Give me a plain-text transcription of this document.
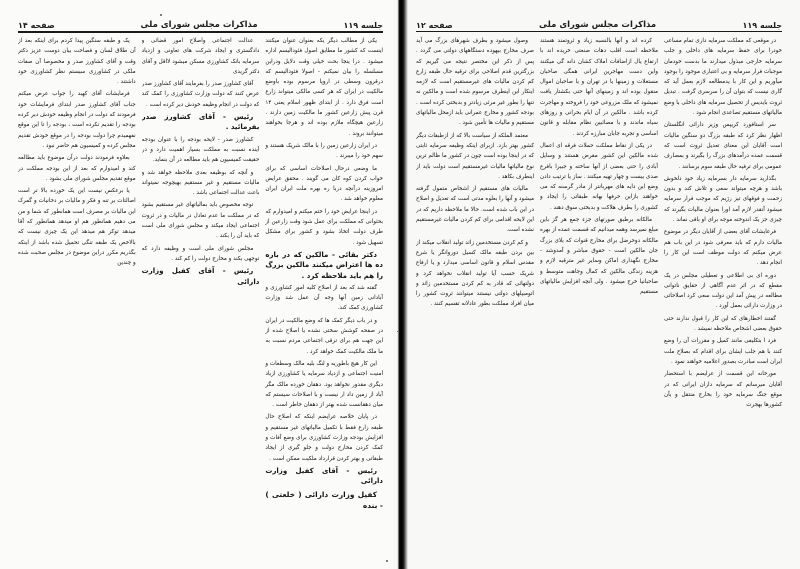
جلسه ۱۱۹
مذاکرات مجلس شورای ملی
صفحه ۱۴

یکی از مطالب دیگر یکه بعنوان عنوان میکنند اینست که کشور ما مطابق اصول فئودالیسم اداره میشود . درا ینجا بحث خیلی وقت دلایل ودراین مسلسله را بیان نمیکنم - اصولا فئودالیسم که درقرون وسطی در اروپا مرسوم بوده باوضع مالکیت در ایران که هر کسی مالکی میتواند زارع است فرق دارد . از ابتدای ظهور اسلام یعنی ۱۴ قرن پیش زارعین کشور ما مالکیت زمین دارند . زارعین هیچگاه ملازم بوده اند و هرجا بخواهند میتوانند بروند .

در ایران زارعین زمین را با مالک شریک هستند و سهم خود را میبرند .

ما وضعی درحال اصلاحات اساسی که برای خواب کردن کوه کان می گویند . محقق عرایض امروزینه درآنچه دربا ره بهره ملت ایران ایران معلوم خواهد شد .

در اینجا عرایض خود را ختم میکنم و امیدوارم که بحثوانی که مملکت برای عمل شود وقت زارعین از طرف دولت اتخاذ بشود و کشور برای مشکل تسهیل شود .

دکتر بقائی - مالکین که در باره ده ها اعتراض میکنند مالکین بزرگ را هم باید ملاحظه کرد .

گفته شد که بعد از اصلاح کلیه امور کشاورزی و آبادانی زمین آنها وجه آن عمل شد وزارت کشاورزی کمک کند.

و در باب دیگر کمک ها که وضع مالکیت در ایران در صفحه کوشش سختی نشده یا اصلاح شده از این جهت هم برای ترقی اجتماعی مردم نسبت به ما ملک مالکیت کمک خواهد کرد .

این کار هیچ باطوریه و لنگ بلیه مالک وسطعات و امنیت اجتماعی و ازدیاد سرمایه یا کشاورزی ازیاد دیگری مقدور نخواهد بود. دهقان خورده مالک مگر آباد از زمین داد ار نیست و با اصلاحات سیستم که میان دهقانست شده بهتر از دهقان خاطر است .

در پایان خلاصه عرایضم اینکه که اصلاح حال طبقه زارع فقط با تکمیل مالیاتهای غیر مستقیم و افزایش بودجه وزارت کشاورزی برای وضع آفات و کمک کردن مخارج دولت و جلو گیری از ایجاد طبقاتی و بهتر کردن قرارداد ملکیت ممکن است .

رئیس - آقای کفیل وزارت دارائی

کفیل وزارت دارائی ( خلعتی ) - بنده

عدالت اجتماعی واصلاح امور قضائی و دادگستری و ایجاد شرکت های تعاونی و ازدیاد سرمایه بانک کشاورزی مسکن میشود لااقل و آقای دکتر گریدی

آقای کشاورز صدر را بفرمایند آقای کشاورز صدر عرض کنند که دولت وزارت کشاورزی را کمک کند که دولت در انجام وظیفه خودش دیر کرده است .

رئیس - آقای کشاورز صدر بفرمائید .

کشاورز صدر - لایحه بودجه را با عنوان بودجه آینده نسبت به مملکت بسیار اهمیت دارد و در حقیقت کمیسیون هم باید مطالعه در آن بنماید.

و آنچه که بوظیفه بعدی ملاحظه خواهد شد و مالیات مستقیم و غیر مستقیم بهیچوجه نمیتواند باعث عدالت اجتماعی باشد .

توجه مخصوص باید بمالیاتهای غیر مستقیم بشود که در مملکت ما عدم تعادل در مالیات و در ثروت اجتماعی ایجاد میکند و مجلس شورای ملی است که باید آن را بکند .

مجلس شورای ملی است و وظیفه دارد که توجهی بکند و مخارج دولت را کم کند .

رئیس - آقای کفیل وزارت دارائی

یک و طبقه سنگین پیدا کردم برای اینکه بعد از آن طلاق لسان و فصاحت بیان دوست عزیز دکتر وقت و آقای کشاورز صدر و مخصوصا آن صفات ملکی در کشاورزی سیستم نظر کشاورزی خود داشتند .

فرمایشات آقای کهبد را جواب عرض میکنم جناب آقای کشاورز صدر ابتدای فرمایشات خود فرمودند که دولت در انجام وظیفه خودش دیر کرده بودجه را تقدیم نکرده است ، بودجه را تا این موقع نفهمیدم چرا دولت بودجه را در موقع خودش تقدیم مجلس کرده و کمیسیون هم حاضر نبود .

بعلاوه فرمودند دولت درآن موضوع باید مطالعه کند و امیدوارم که بعد از این بودجه مملکت در موقع تقدیم مجلس شورای ملی بشود .

یا برعکس نیست این یک خورده بالا تر است اصالتات بر تنه و فکر و مالیات بر دخانیات و گمرک این مالیات بر مصرف است همانطور که شما و من می دهیم همانطور هم او میدهد همانطور که آقا میدهد توکر هم میدهد این یک چیزی نیست که بالاخص یک طبقه تنگی تحمیل شده باشد از اینکه بگذریم مکرر دراین موضوع در مجلس صحبت شده و چندین

جلسه ۱۱۹
مذاکرات مجلس شورای ملی
صفحه ۱۲

در موقعی که مملکت سرمایه داری تمام مساعی خودرا برای حفظ سرمایه های داخلی و جلب سرمایه خارجی مبذول میدارند ما بدست خودمان موجبات فرار سرمایه و بی اعتباری موجود را بوجود میآوریم و این کار با یدمطالعه لازم بعمل آید که گاری نیست که بتوان آن را سرسری گرفت . تبدیل ثروت بایدیس از تحصیل سرمایه های داخلی با وضع مالیاتهای مستقیم تصاعدی انجام شود .

سر استافورد کریپس وزیر دارائی انگلستان اظهار نظر کرد که طبقه بزرگ دو سنگین مالیات است آقایان این معنای تعدیل ثروت است که قسمت عمده درآمدهای بزرگ را بگیرند و بمصارف عمومی برای ترفیه حال طبقه سوم برسانند .

بگذارید سرمایه دار بسرمایه زیاد خود دلخوش باشد و هرچه میتواند سعی و تلاش کند و بدون زحمت و فوقهای تیز رژیم که موجب فرار سرمایه میشود آنقدر لازم آمد اورا بعنوان مالیات بگیرند که چیزی جز یک اندوخته موجه برای او باقی نماند .

فرعایشات آقای بعضی از آقایان دیگر در موضوع مالیات دارم که باید معرفی شود در این باب هم عرض میکنم که دولت موظف است این کار را انجام دهد .

دوره ای بی اطلاعی و تعطیلی مجلس در یک مقطع که در اثر عدم آگاهی از حقایق ناتوانی مطالعه در پیش آمد این دولت سعی کرد اصلاحاتی در وزارت دارائی بعمل آورد .

گفتند اخطارهای که این کار را قبول ندارند حتی حقوق بعضی اشخاص ملاحظه نمیشد .

فرد ا بتکلیفی مانند کمیل و مقررات آن را وضع کنند با هم جلب ایشان برای اقدام که بصلاح ملت ایران است مبادرت بصدور اعلامیه خواهند نمود .

مورخانه این قسمت از عرایضم با استحضار آقایان میرسانم که سرمایه داران ایرانی که در موقع جنگ سرمایه خود را بخارج منتقل و بآن کشورها بهجرت

کرده اند و آنها بالنسبه زیاد و ثروتمند هستند ملاحظه است اقلب دهات صنعتی خریده اند با ارتفاع یال ازاضافات املاک کشان دانه گی میکنند واین دست مهاجرین ایرانی همگی صاحبان مستغلات و زمینها یا در تهران و یا صاحبان اموال منقول بوده اند و زمینهای آنها حتی بکشتار یافت نمیشود که ملک مزروعی خود را فروخته و مهاجرت کرده باشد . مالکین در آن ایام بحرانی و روزهای سیاه ماندند و با مصائبین نظام مقابله و قانون اساسی و تجربه جابان مبارزه کردند .

در یکی از نقاط مملکت حملات فرقه ای اعمال شده مالکین این کشور مقرض هستند و وسایل آبادی را حتی بعضی از آنها ساخته و جبیرا بافرع صدی بیست و چهار تهیه میکنند . ساز یا ترتیب دادن وضع این دایه های مهربانتر از مادر گرسنه که می خواهند بازاین حرفها بهانه طبقاتی را ایجاد و کشوری را بطرف هلاکت و بدبختی سوق دهند .

مالکانه برطبق صورتهای جزء جمع هر گز باین مبلغ نمیرسد وهمه میدانیم که قسمت عمده از بهره مالکانه دوحرضل برای مخارج قنوات که بلای بزرگ جان مالکین است - حقوق مباشر و آمدوشد - مخارج نگهداری اماکن وسایر غیر مترقبه لازم و هزینه زندگی مالکین که کمال وجاهت متوسط و صاحبانیا خرج میشود . ولی آنچه افزایش مالیاتهای مستقیم

وصول میشود و بطرف شهرهای بزرگ می آید صرف مخارج بیهوده دستگاههای دولتی می گردد . پس از ذکر این مختصر نتیجه می گیریم که بزرگترین قدم اصلاحی برای ترقیه حال طبقه زارع کم کردن مالیات های غیرمستقیم است که لازمه اینکار این اینطرف مرسوم شده است و مالکین نه تنها را بطور غیر مرئی زیادتر و بدبختی کرده است . بودجه کشور و مخارج عمرانی باید ازمحل مالیاتهای مستقیم و مالیات ها تأمین شود .

معتمد الملکه از سیاست بالا که از ازطبقات دیگر کشور بهتر بازد. ازبرای اینکه وظیفه سرمایه ثابتی که در اینجا بوده است چون در کشور ما ظالم ترین نوع مالیاتها مالیات غیرمستقیم است دولت باید از اینطرف بکاهد .

مالیات های مستقیم از اشخاص متمول گرفته میشود و آنها را بعلوه مدتی است که تعدیل و اصلاح در این باب شده است. حالا ما ملاحظه داریم که در این لایحه اقدامی برای کم کردن مالیات غیرمستقیم نشده است.

و کم کردن مستخدمین زائد تولید انقلاب میکند از بین بردن طبقه مالک کسیل دوروانگر یا شرع مقدس اسلام و قانون اساسی میدارد و یا ارفاع شریک حسب آیا تولید انقلاب نخواهد کرد و دولتهائی که قادر به کم کردن مستخدمین زائد و اتومبیلهای دولتی نیستند میتوانند ثروت کشور را میان افراد مملکت بطور عادلانه تقسیم کنند .
